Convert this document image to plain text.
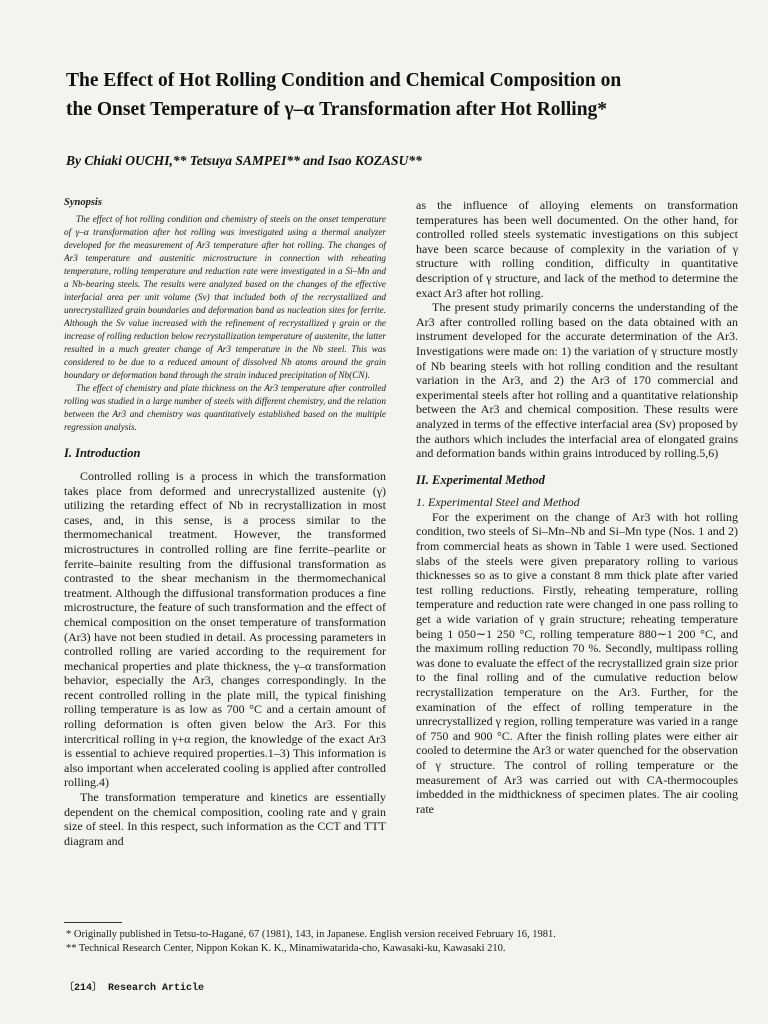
The Effect of Hot Rolling Condition and Chemical Composition on
the Onset Temperature of γ–α Transformation after Hot Rolling*
By Chiaki OUCHI,** Tetsuya SAMPEI** and Isao KOZASU**
Synopsis

The effect of hot rolling condition and chemistry of steels on the onset temperature of γ–α transformation after hot rolling was investigated using a thermal analyzer developed for the measurement of Ar3 temperature after hot rolling. The changes of Ar3 temperature and austenitic microstructure in connection with reheating temperature, rolling temperature and reduction rate were investigated in a Si–Mn and a Nb-bearing steels. The results were analyzed based on the changes of the effective interfacial area per unit volume (Sv) that included both of the recrystallized and unrecrystallized grain boundaries and deformation band as nucleation sites for ferrite. Although the Sv value increased with the refinement of recrystallized γ grain or the increase of rolling reduction below recrystallization temperature of austenite, the latter resulted in a much greater change of Ar3 temperature in the Nb steel. This was considered to be due to a reduced amount of dissolved Nb atoms around the grain boundary or deformation band through the strain induced precipitation of Nb(CN).

The effect of chemistry and plate thickness on the Ar3 temperature after controlled rolling was studied in a large number of steels with different chemistry, and the relation between the Ar3 and chemistry was quantitatively established based on the multiple regression analysis.

I. Introduction

Controlled rolling is a process in which the transformation takes place from deformed and unrecrystallized austenite (γ) utilizing the retarding effect of Nb in recrystallization in most cases, and, in this sense, is a process similar to the thermomechanical treatment. However, the transformed microstructures in controlled rolling are fine ferrite–pearlite or ferrite–bainite resulting from the diffusional transformation as contrasted to the shear mechanism in the thermomechanical treatment. Although the diffusional transformation produces a fine microstructure, the feature of such transformation and the effect of chemical composition on the onset temperature of transformation (Ar3) have not been studied in detail. As processing parameters in controlled rolling are varied according to the requirement for mechanical properties and plate thickness, the γ–α transformation behavior, especially the Ar3, changes correspondingly. In the recent controlled rolling in the plate mill, the typical finishing rolling temperature is as low as 700 °C and a certain amount of rolling deformation is often given below the Ar3. For this intercritical rolling in γ+α region, the knowledge of the exact Ar3 is essential to achieve required properties.1–3) This information is also important when accelerated cooling is applied after controlled rolling.4)

The transformation temperature and kinetics are essentially dependent on the chemical composition, cooling rate and γ grain size of steel. In this respect, such information as the CCT and TTT diagram and

as the influence of alloying elements on transformation temperatures has been well documented. On the other hand, for controlled rolled steels systematic investigations on this subject have been scarce because of complexity in the variation of γ structure with rolling condition, difficulty in quantitative description of γ structure, and lack of the method to determine the exact Ar3 after hot rolling.

The present study primarily concerns the understanding of the Ar3 after controlled rolling based on the data obtained with an instrument developed for the accurate determination of the Ar3. Investigations were made on: 1) the variation of γ structure mostly of Nb bearing steels with hot rolling condition and the resultant variation in the Ar3, and 2) the Ar3 of 170 commercial and experimental steels after hot rolling and a quantitative relationship between the Ar3 and chemical composition. These results were analyzed in terms of the effective interfacial area (Sv) proposed by the authors which includes the interfacial area of elongated grains and deformation bands within grains introduced by rolling.5,6)

II. Experimental Method
1. Experimental Steel and Method

For the experiment on the change of Ar3 with hot rolling condition, two steels of Si–Mn–Nb and Si–Mn type (Nos. 1 and 2) from commercial heats as shown in Table 1 were used. Sectioned slabs of the steels were given preparatory rolling to various thicknesses so as to give a constant 8 mm thick plate after varied test rolling reductions. Firstly, reheating temperature, rolling temperature and reduction rate were changed in one pass rolling to get a wide variation of γ grain structure; reheating temperature being 1 050∼1 250 °C, rolling temperature 880∼1 200 °C, and the maximum rolling reduction 70 %. Secondly, multipass rolling was done to evaluate the effect of the recrystallized grain size prior to the final rolling and of the cumulative reduction below recrystallization temperature on the Ar3. Further, for the examination of the effect of rolling temperature in the unrecrystallized γ region, rolling temperature was varied in a range of 750 and 900 °C. After the finish rolling plates were either air cooled to determine the Ar3 or water quenched for the observation of γ structure. The control of rolling temperature or the measurement of Ar3 was carried out with CA-thermocouples imbedded in the midthickness of specimen plates. The air cooling rate

* Originally published in Tetsu-to-Hagané, 67 (1981), 143, in Japanese. English version received February 16, 1981.
** Technical Research Center, Nippon Kokan K. K., Minamiwatarida-cho, Kawasaki-ku, Kawasaki 210.
〔214〕 Research Article
